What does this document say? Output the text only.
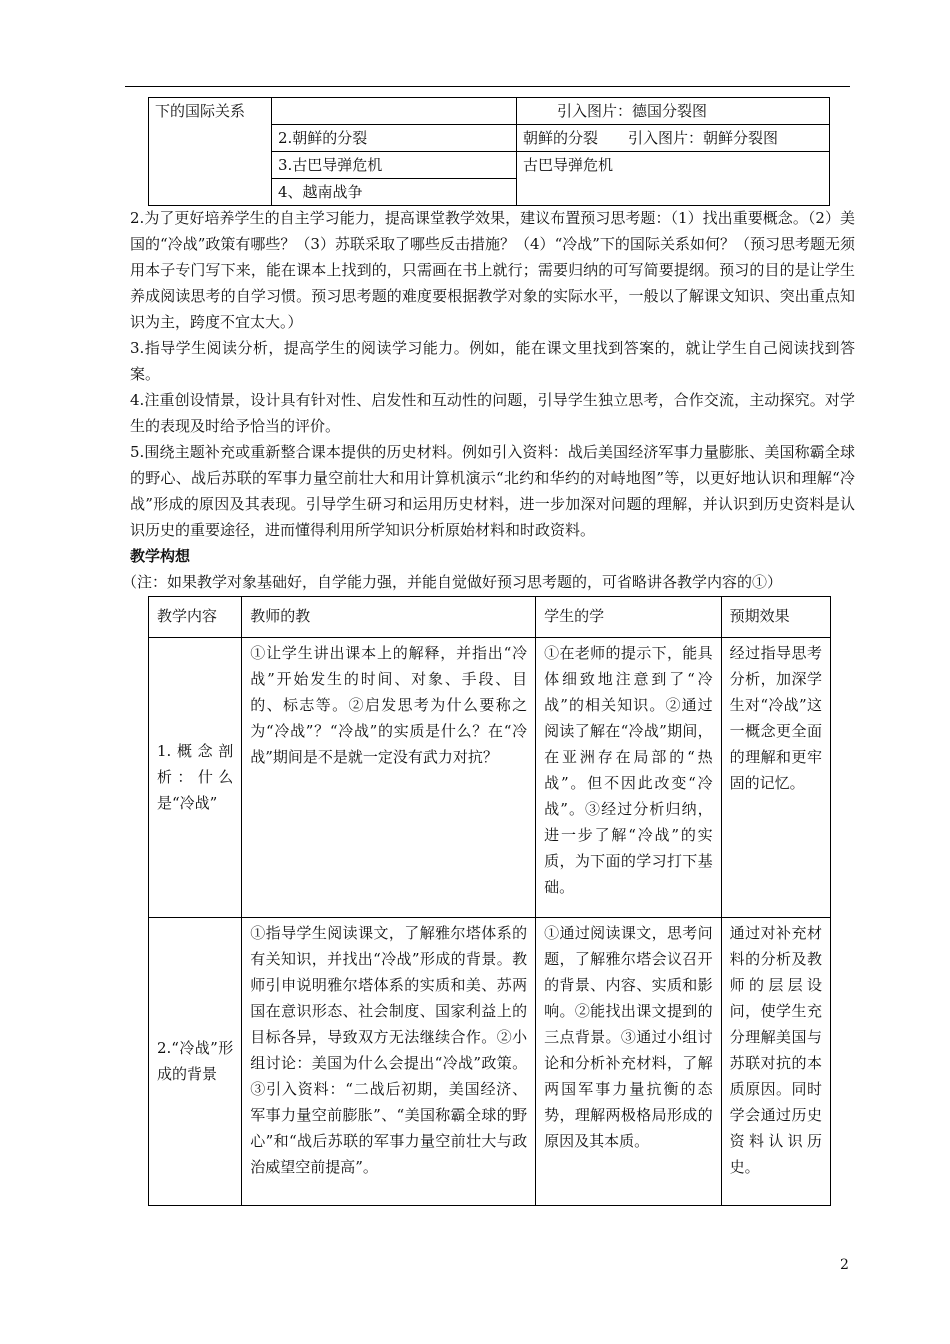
下的国际关系		引入图片：德国分裂图
	2.朝鲜的分裂	朝鲜的分裂　　引入图片：朝鲜分裂图
	3.古巴导弹危机	古巴导弹危机
	4、越南战争	
2.为了更好培养学生的自主学习能力，提高课堂教学效果，建议布置预习思考题：（1）找出重要概念。（2）美国的“冷战”政策有哪些？（3）苏联采取了哪些反击措施？（4）“冷战”下的国际关系如何？（预习思考题无须用本子专门写下来，能在课本上找到的，只需画在书上就行；需要归纳的可写简要提纲。预习的目的是让学生养成阅读思考的自学习惯。预习思考题的难度要根据教学对象的实际水平，一般以了解课文知识、突出重点知识为主，跨度不宜太大。）
3.指导学生阅读分析，提高学生的阅读学习能力。例如，能在课文里找到答案的，就让学生自己阅读找到答案。
4.注重创设情景，设计具有针对性、启发性和互动性的问题，引导学生独立思考，合作交流，主动探究。对学生的表现及时给予恰当的评价。
5.围绕主题补充或重新整合课本提供的历史材料。例如引入资料：战后美国经济军事力量膨胀、美国称霸全球的野心、战后苏联的军事力量空前壮大和用计算机演示“北约和华约的对峙地图”等，以更好地认识和理解“冷战”形成的原因及其表现。引导学生研习和运用历史材料，进一步加深对问题的理解，并认识到历史资料是认识历史的重要途径，进而懂得利用所学知识分析原始材料和时政资料。
教学构想
（注：如果教学对象基础好，自学能力强，并能自觉做好预习思考题的，可省略讲各教学内容的①）
教学内容	教师的教	学生的学	预期效果
1.概念剖析：什么是“冷战”	①让学生讲出课本上的解释，并指出“冷战”开始发生的时间、对象、手段、目的、标志等。②启发思考为什么要称之为“冷战”？“冷战”的实质是什么？在“冷战”期间是不是就一定没有武力对抗？	①在老师的提示下，能具体细致地注意到了“冷战”的相关知识。②通过阅读了解在“冷战”期间，在亚洲存在局部的“热战”。但不因此改变“冷战”。③经过分析归纳，进一步了解“冷战”的实质，为下面的学习打下基础。	经过指导思考分析，加深学生对“冷战”这一概念更全面的理解和更牢固的记忆。
2.“冷战”形成的背景	①指导学生阅读课文，了解雅尔塔体系的有关知识，并找出“冷战”形成的背景。教师引申说明雅尔塔体系的实质和美、苏两国在意识形态、社会制度、国家利益上的目标各异，导致双方无法继续合作。②小组讨论：美国为什么会提出“冷战”政策。③引入资料：“二战后初期，美国经济、军事力量空前膨胀”、“美国称霸全球的野心”和“战后苏联的军事力量空前壮大与政治威望空前提高”。	①通过阅读课文，思考问题，了解雅尔塔会议召开的背景、内容、实质和影响。②能找出课文提到的三点背景。③通过小组讨论和分析补充材料，了解两国军事力量抗衡的态势，理解两极格局形成的原因及其本质。	通过对补充材料的分析及教师的层层设问，使学生充分理解美国与苏联对抗的本质原因。同时学会通过历史资料认识历史。
2
